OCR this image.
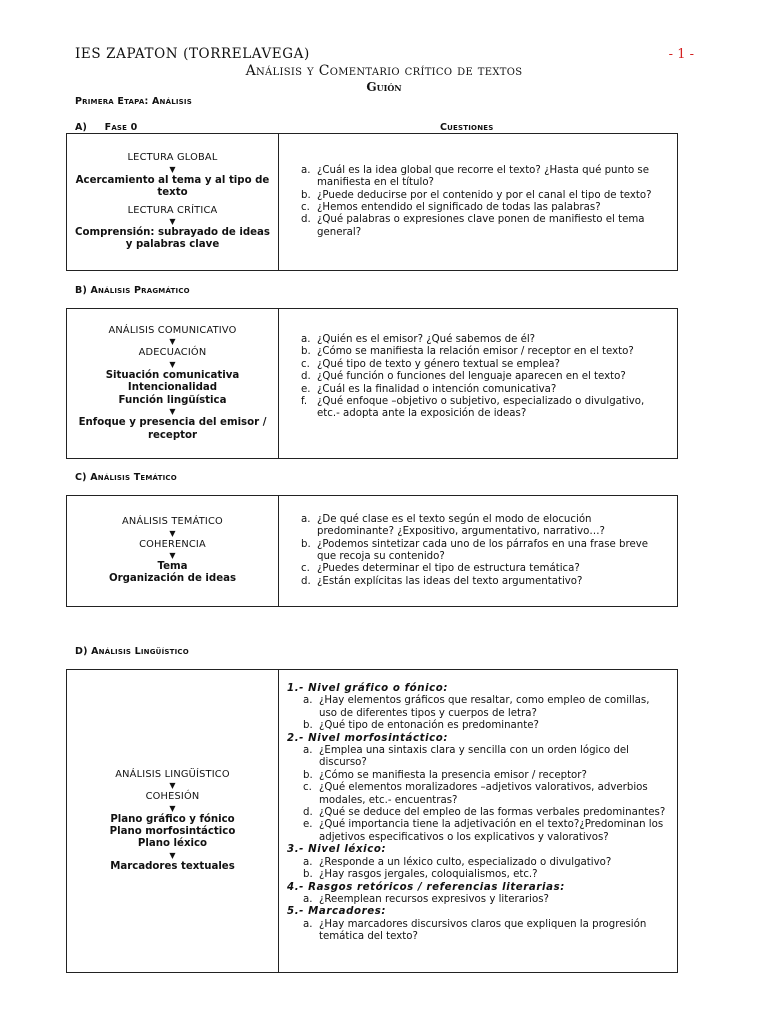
IES ZAPATON (TORRELAVEGA)	- 1 -
Análisis y Comentario crítico de textos
Guión
Primera Etapa: Análisis
A) Fase 0	Cuestiones
LECTURA GLOBAL
▼
Acercamiento al tema y al tipo de texto
LECTURA CRÍTICA
▼
Comprensión: subrayado de ideas y palabras clave
a. ¿Cuál es la idea global que recorre el texto? ¿Hasta qué punto se manifiesta en el título?
b. ¿Puede deducirse por el contenido y por el canal el tipo de texto?
c. ¿Hemos entendido el significado de todas las palabras?
d. ¿Qué palabras o expresiones clave ponen de manifiesto el tema general?
B) Análisis Pragmático
ANÁLISIS COMUNICATIVO
▼
ADECUACIÓN
▼
Situación comunicativa
Intencionalidad
Función lingüística
▼
Enfoque y presencia del emisor / receptor
a. ¿Quién es el emisor? ¿Qué sabemos de él?
b. ¿Cómo se manifiesta la relación emisor / receptor en el texto?
c. ¿Qué tipo de texto y género textual se emplea?
d. ¿Qué función o funciones del lenguaje aparecen en el texto?
e. ¿Cuál es la finalidad o intención comunicativa?
f. ¿Qué enfoque –objetivo o subjetivo, especializado o divulgativo, etc.- adopta ante la exposición de ideas?
C) Análisis Temático
ANÁLISIS TEMÁTICO
▼
COHERENCIA
▼
Tema
Organización de ideas
a. ¿De qué clase es el texto según el modo de elocución predominante? ¿Expositivo, argumentativo, narrativo…?
b. ¿Podemos sintetizar cada uno de los párrafos en una frase breve que recoja su contenido?
c. ¿Puedes determinar el tipo de estructura temática?
d. ¿Están explícitas las ideas del texto argumentativo?
D) Análisis Lingüístico
ANÁLISIS LINGÜÍSTICO
▼
COHESIÓN
▼
Plano gráfico y fónico
Plano morfosintáctico
Plano léxico
▼
Marcadores textuales
1.- Nivel gráfico o fónico:
a. ¿Hay elementos gráficos que resaltar, como empleo de comillas, uso de diferentes tipos y cuerpos de letra?
b. ¿Qué tipo de entonación es predominante?
2.- Nivel morfosintáctico:
a. ¿Emplea una sintaxis clara y sencilla con un orden lógico del discurso?
b. ¿Cómo se manifiesta la presencia emisor / receptor?
c. ¿Qué elementos moralizadores –adjetivos valorativos, adverbios modales, etc.- encuentras?
d. ¿Qué se deduce del empleo de las formas verbales predominantes?
e. ¿Qué importancia tiene la adjetivación en el texto?¿Predominan los adjetivos especificativos o los explicativos y valorativos?
3.- Nivel léxico:
a. ¿Responde a un léxico culto, especializado o divulgativo?
b. ¿Hay rasgos jergales, coloquialismos, etc.?
4.- Rasgos retóricos / referencias literarias:
a. ¿Reemplean recursos expresivos y literarios?
5.- Marcadores:
a. ¿Hay marcadores discursivos claros que expliquen la progresión temática del texto?
